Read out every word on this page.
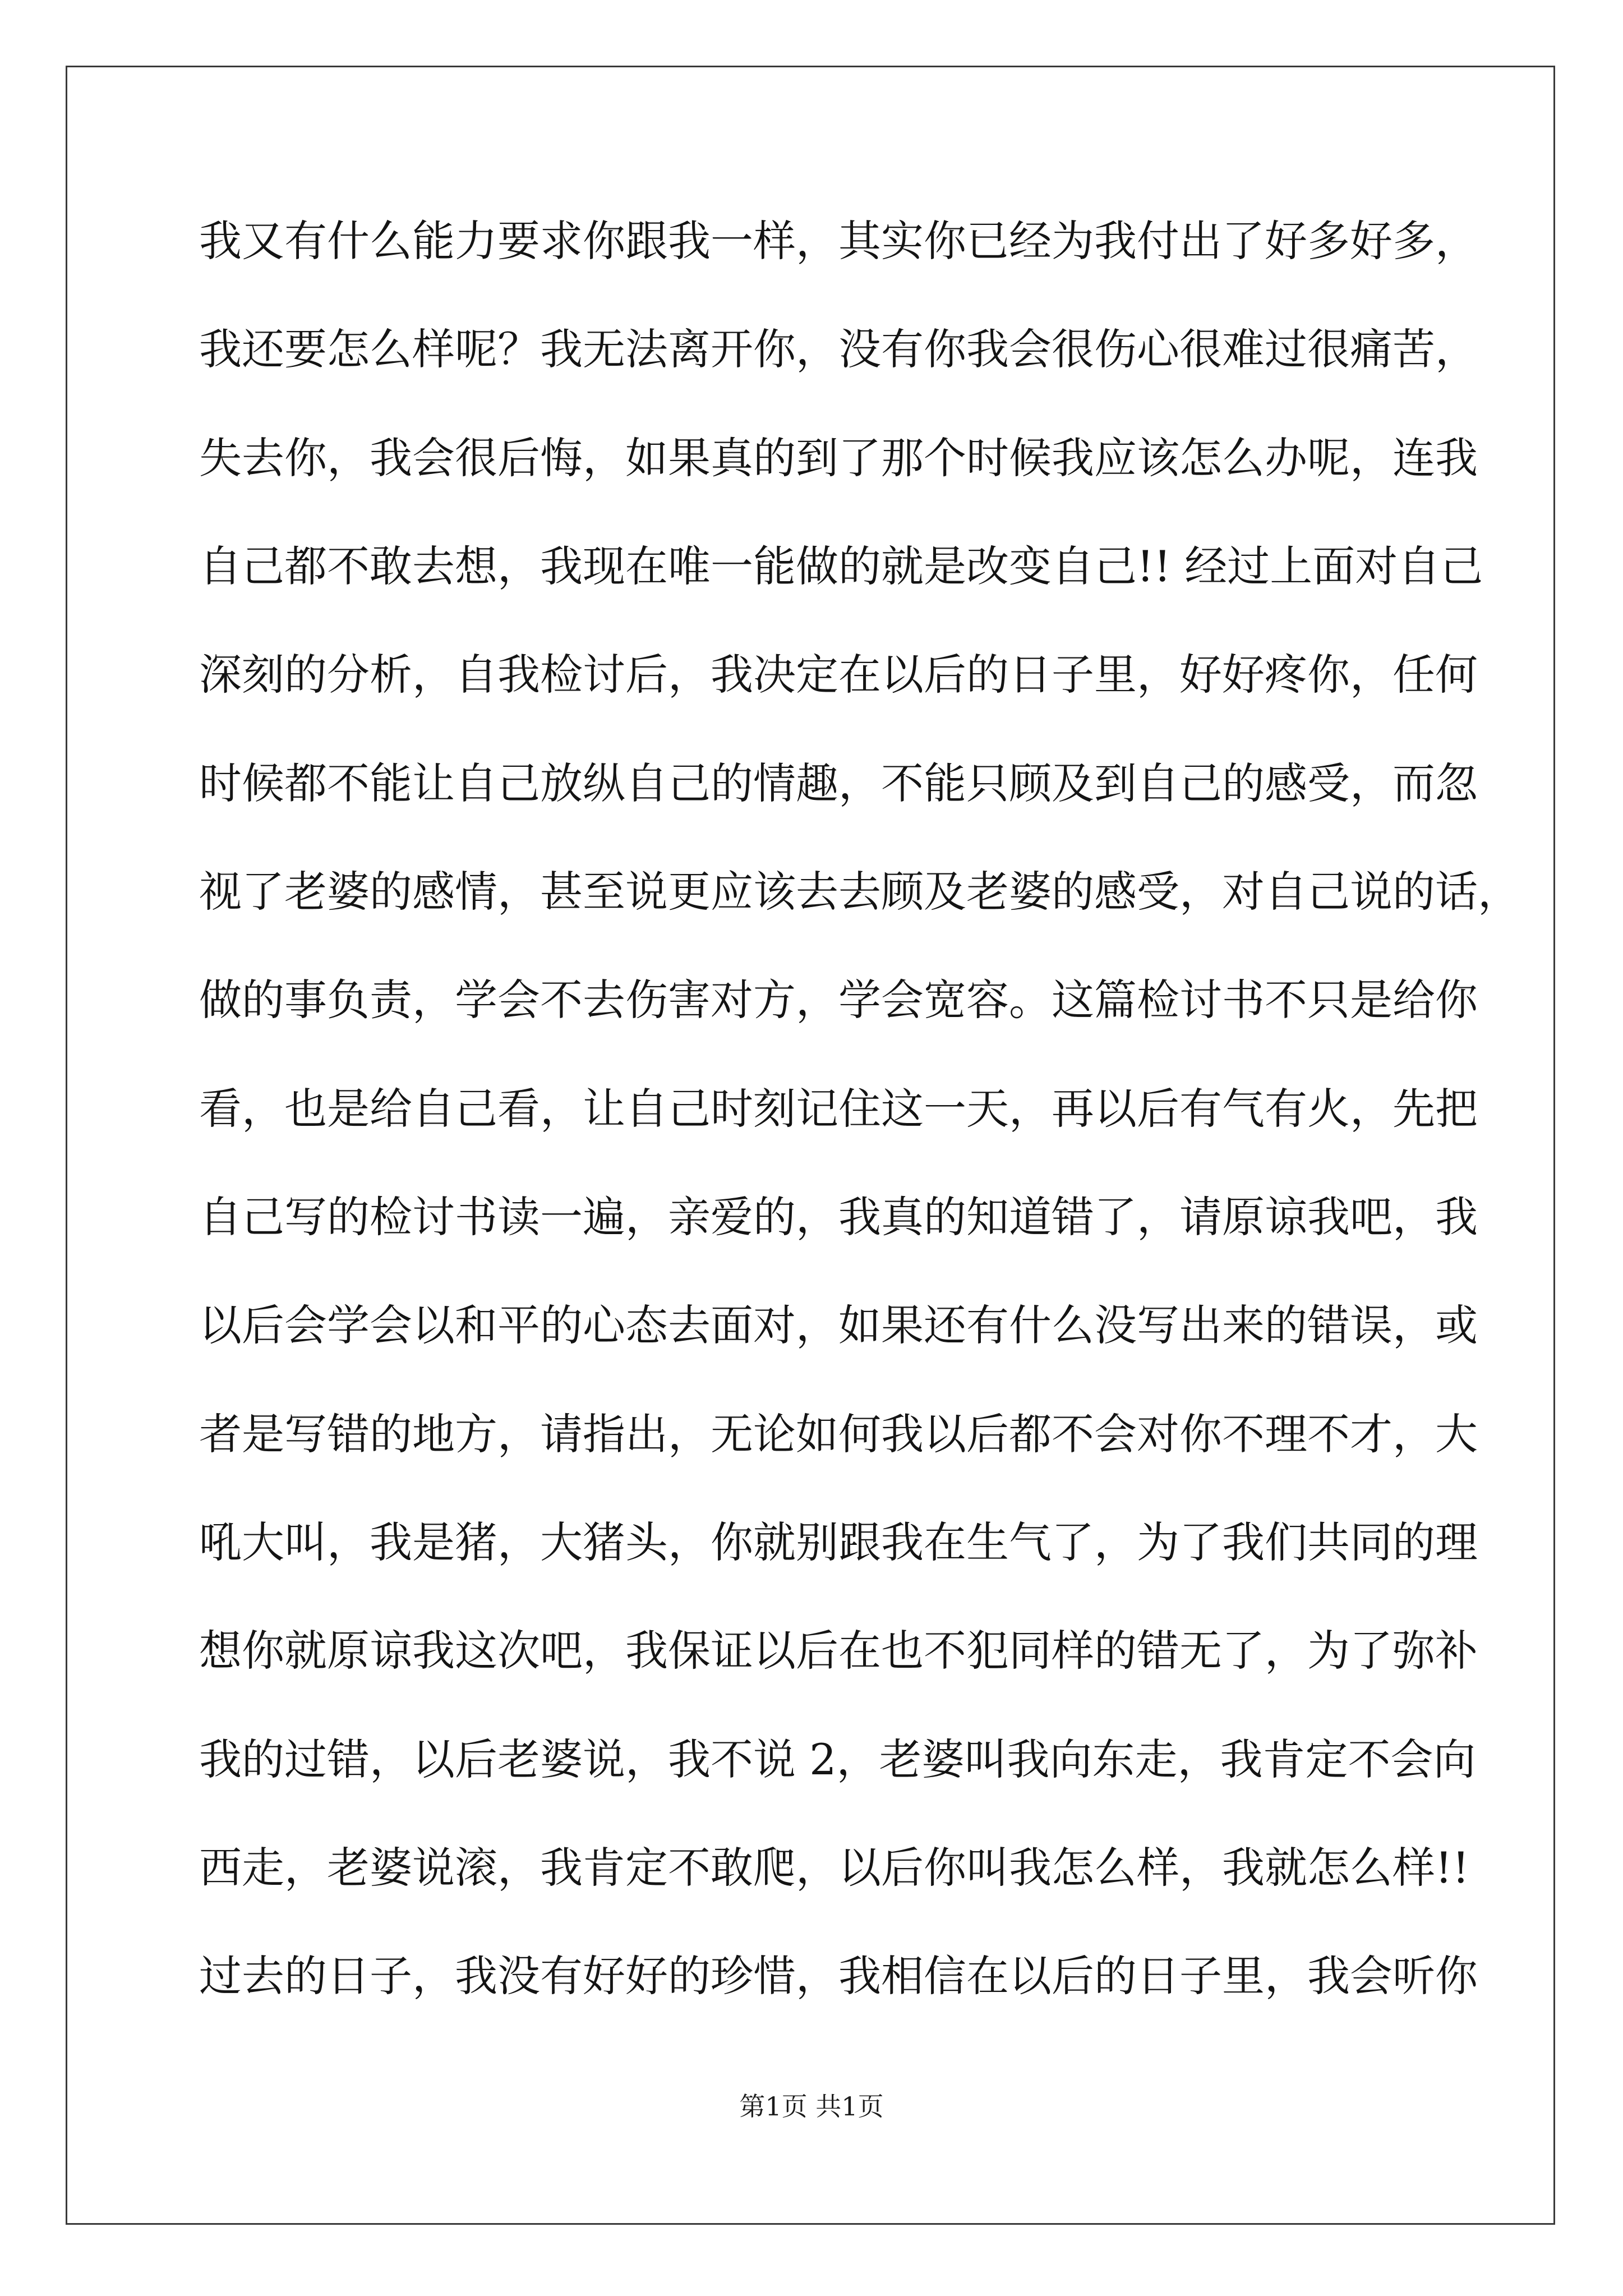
我又有什么能力要求你跟我一样，其实你已经为我付出了好多好多，
我还要怎么样呢？我无法离开你，没有你我会很伤心很难过很痛苦，
失去你，我会很后悔，如果真的到了那个时候我应该怎么办呢，连我
自己都不敢去想，我现在唯一能做的就是改变自己!! 经过上面对自己
深刻的分析，自我检讨后，我决定在以后的日子里，好好疼你，任何
时候都不能让自己放纵自己的情趣，不能只顾及到自己的感受，而忽
视了老婆的感情，甚至说更应该去去顾及老婆的感受，对自己说的话，
做的事负责，学会不去伤害对方，学会宽容。这篇检讨书不只是给你
看，也是给自己看，让自己时刻记住这一天，再以后有气有火，先把
自己写的检讨书读一遍，亲爱的，我真的知道错了，请原谅我吧，我
以后会学会以和平的心态去面对，如果还有什么没写出来的错误，或
者是写错的地方，请指出，无论如何我以后都不会对你不理不才，大
吼大叫，我是猪，大猪头，你就别跟我在生气了，为了我们共同的理
想你就原谅我这次吧，我保证以后在也不犯同样的错无了，为了弥补
我的过错，以后老婆说，我不说 2，老婆叫我向东走，我肯定不会向
西走，老婆说滚，我肯定不敢爬，以后你叫我怎么样，我就怎么样!!
过去的日子，我没有好好的珍惜，我相信在以后的日子里，我会听你
第1页 共1页
